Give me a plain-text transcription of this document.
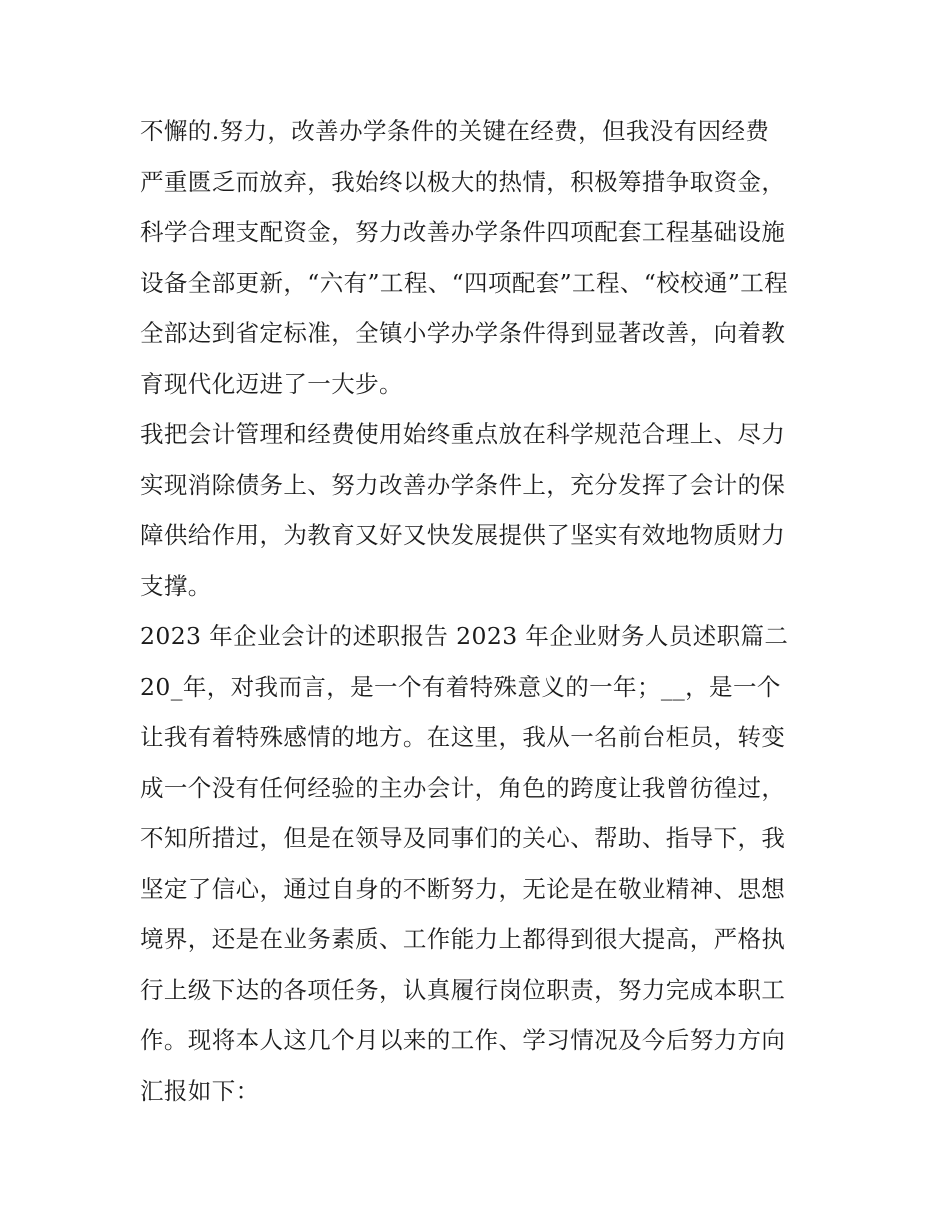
不懈的.努力，改善办学条件的关键在经费，但我没有因经费
严重匮乏而放弃，我始终以极大的热情，积极筹措争取资金，
科学合理支配资金，努力改善办学条件四项配套工程基础设施
设备全部更新，“六有”工程、“四项配套”工程、“校校通”工程
全部达到省定标准，全镇小学办学条件得到显著改善，向着教
育现代化迈进了一大步。
我把会计管理和经费使用始终重点放在科学规范合理上、尽力
实现消除债务上、努力改善办学条件上，充分发挥了会计的保
障供给作用，为教育又好又快发展提供了坚实有效地物质财力
支撑。
2023 年企业会计的述职报告 2023 年企业财务人员述职篇二
20_年，对我而言，是一个有着特殊意义的一年；__，是一个
让我有着特殊感情的地方。在这里，我从一名前台柜员，转变
成一个没有任何经验的主办会计，角色的跨度让我曾彷徨过，
不知所措过，但是在领导及同事们的关心、帮助、指导下，我
坚定了信心，通过自身的不断努力，无论是在敬业精神、思想
境界，还是在业务素质、工作能力上都得到很大提高，严格执
行上级下达的各项任务，认真履行岗位职责，努力完成本职工
作。现将本人这几个月以来的工作、学习情况及今后努力方向
汇报如下：
